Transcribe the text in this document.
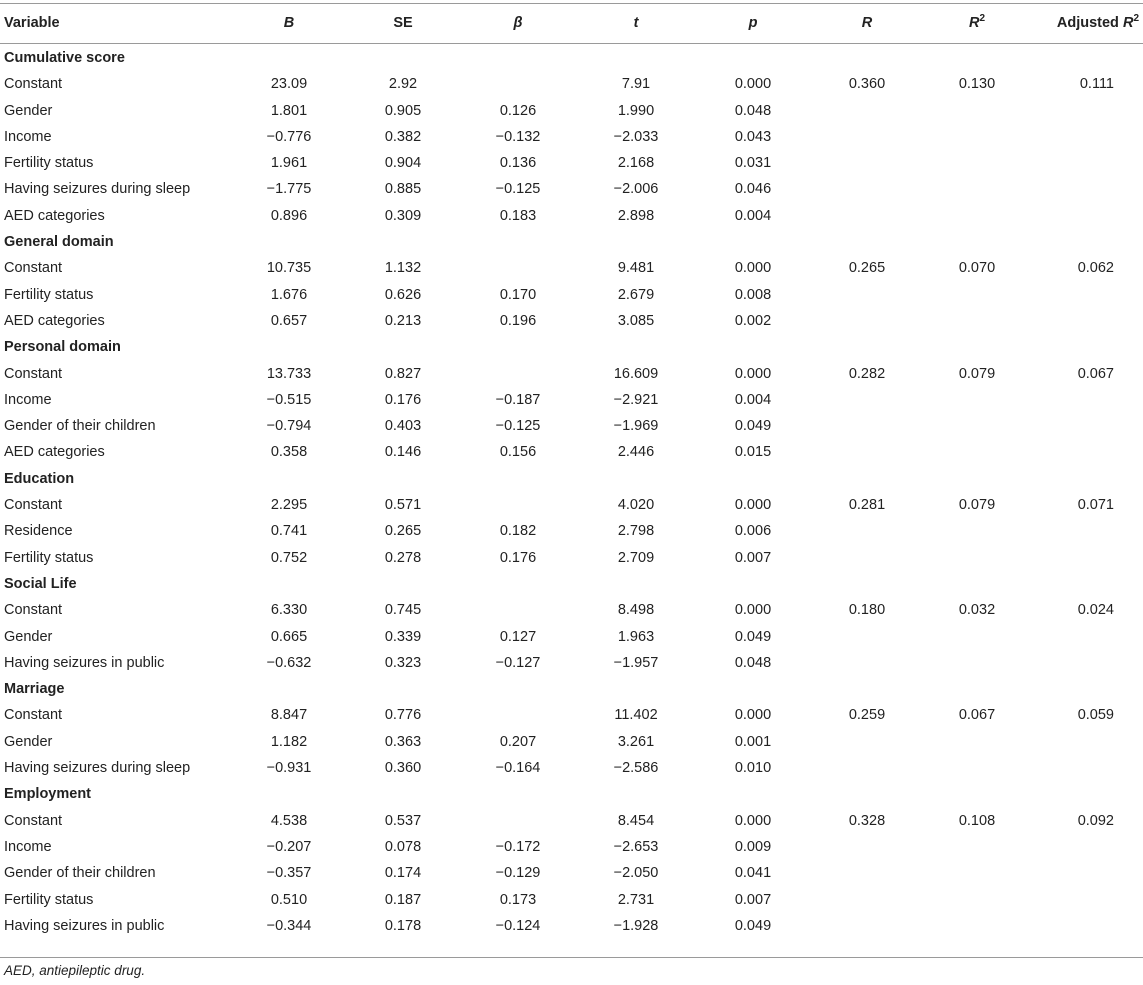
Variable	B	SE	β	t	p	R	$R^2$	Adjusted $R^2$

Cumulative score								
Constant	23.09	2.92		7.91	0.000	0.360	0.130	0.111
Gender	1.801	0.905	0.126	1.990	0.048			
Income	−0.776	0.382	−0.132	−2.033	0.043			
Fertility status	1.961	0.904	0.136	2.168	0.031			
Having seizures during sleep	−1.775	0.885	−0.125	−2.006	0.046			
AED categories	0.896	0.309	0.183	2.898	0.004			
General domain								
Constant	10.735	1.132		9.481	0.000	0.265	0.070	0.062
Fertility status	1.676	0.626	0.170	2.679	0.008			
AED categories	0.657	0.213	0.196	3.085	0.002			
Personal domain								
Constant	13.733	0.827		16.609	0.000	0.282	0.079	0.067
Income	−0.515	0.176	−0.187	−2.921	0.004			
Gender of their children	−0.794	0.403	−0.125	−1.969	0.049			
AED categories	0.358	0.146	0.156	2.446	0.015			
Education								
Constant	2.295	0.571		4.020	0.000	0.281	0.079	0.071
Residence	0.741	0.265	0.182	2.798	0.006			
Fertility status	0.752	0.278	0.176	2.709	0.007			
Social Life								
Constant	6.330	0.745		8.498	0.000	0.180	0.032	0.024
Gender	0.665	0.339	0.127	1.963	0.049			
Having seizures in public	−0.632	0.323	−0.127	−1.957	0.048			
Marriage								
Constant	8.847	0.776		11.402	0.000	0.259	0.067	0.059
Gender	1.182	0.363	0.207	3.261	0.001			
Having seizures during sleep	−0.931	0.360	−0.164	−2.586	0.010			
Employment								
Constant	4.538	0.537		8.454	0.000	0.328	0.108	0.092
Income	−0.207	0.078	−0.172	−2.653	0.009			
Gender of their children	−0.357	0.174	−0.129	−2.050	0.041			
Fertility status	0.510	0.187	0.173	2.731	0.007			
Having seizures in public	−0.344	0.178	−0.124	−1.928	0.049			
AED, antiepileptic drug.
